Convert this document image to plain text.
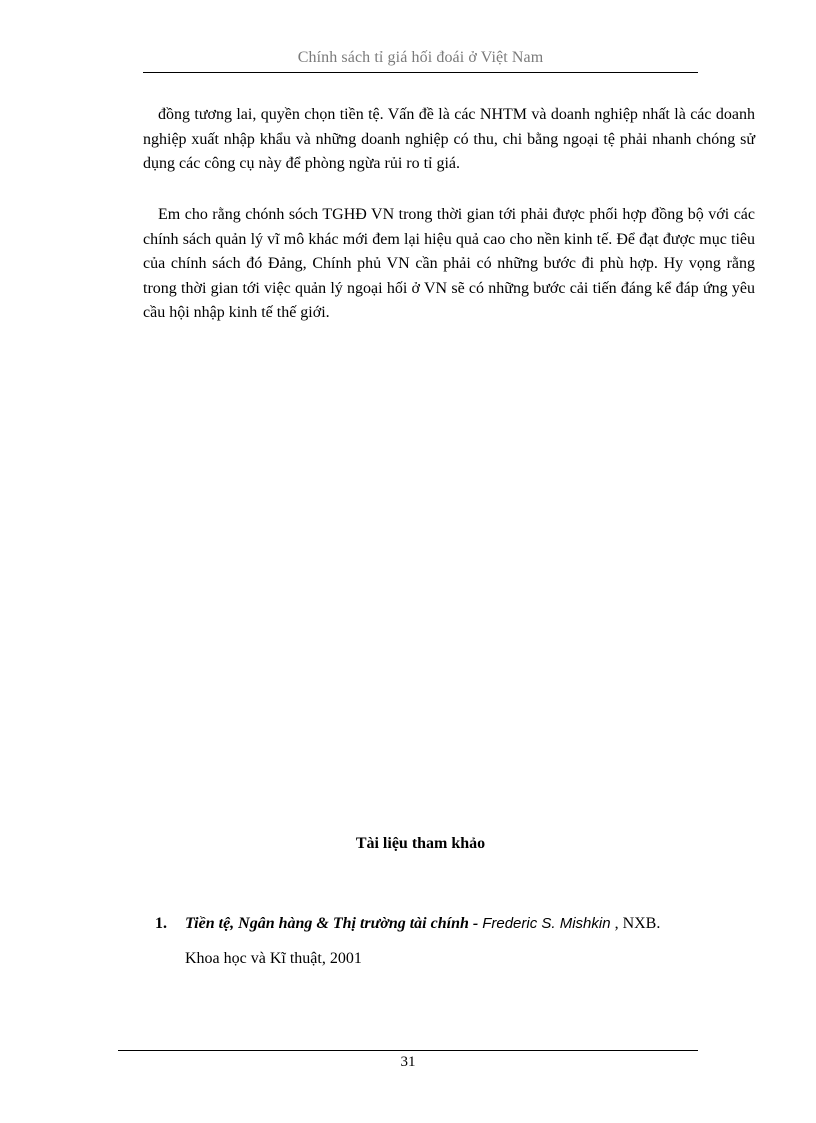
Chính sách tỉ giá hối đoái ở Việt Nam

đồng tương lai, quyền chọn tiền tệ. Vấn đề là các NHTM và doanh nghiệp nhất là các doanh nghiệp xuất nhập khẩu và những doanh nghiệp có thu, chi bằng ngoại tệ phải nhanh chóng sử dụng các công cụ này để phòng ngừa rủi ro tỉ giá.

Em cho rằng chónh sóch TGHĐ VN trong thời gian tới phải được phối hợp đồng bộ với các chính sách quản lý vĩ mô khác mới đem lại hiệu quả cao cho nền kinh tế. Để đạt được mục tiêu của chính sách đó Đảng, Chính phủ VN cần phải có những bước đi phù hợp. Hy vọng rằng trong thời gian tới việc quản lý ngoại hối ở VN sẽ có những bước cải tiến đáng kể đáp ứng yêu cầu hội nhập kinh tế thế giới.

Tài liệu tham khảo
1. Tiền tệ, Ngân hàng & Thị trường tài chính - Frederic S. Mishkin , NXB.
Khoa học và Kĩ thuật, 2001
31
